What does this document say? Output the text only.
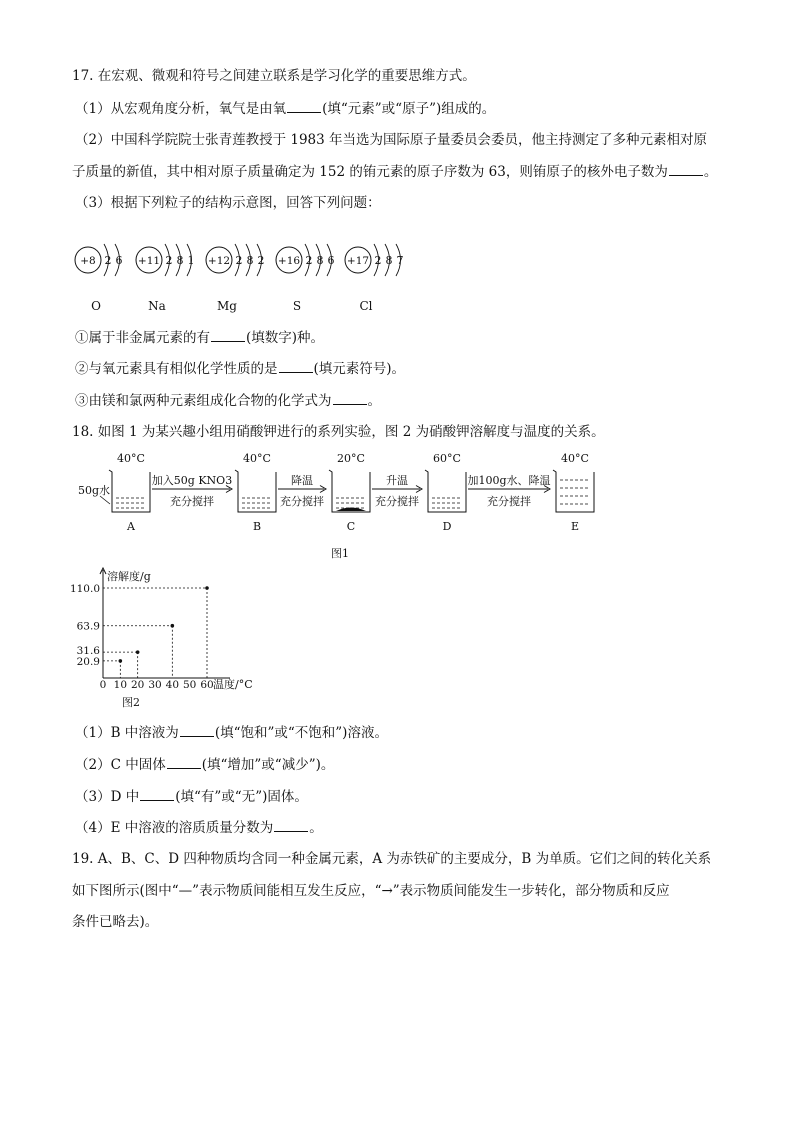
17. 在宏观、微观和符号之间建立联系是学习化学的重要思维方式。
（1）从宏观角度分析，氧气是由氧	(填“元素”或“原子”)组成的。
（2）中国科学院院士张青莲教授于 1983 年当选为国际原子量委员会委员，他主持测定了多种元素相对原
子质量的新值，其中相对原子质量确定为 152 的铕元素的原子序数为 63，则铕原子的核外电子数为	。
（3）根据下列粒子的结构示意图，回答下列问题：
+8 2 6
O
+11 2 8 1
Na
+12 2 8 2
Mg
+16 2 8 6
S
+17 2 8 7
Cl
①属于非金属元素的有	(填数字)种。
②与氧元素具有相似化学性质的是	(填元素符号)。
③由镁和氯两种元素组成化合物的化学式为	。
18. 如图 1 为某兴趣小组用硝酸钾进行的系列实验，图 2 为硝酸钾溶解度与温度的关系。
50g水
40°C
A
40°C
B
20°C
C
60°C
D
40°C
E
加入50g KNO3
充分搅拌
降温
充分搅拌
升温
充分搅拌
加100g水、降温
充分搅拌
图1
溶解度/g
温度/°C
0 10 20 30 40 50 60
20.9
31.6
63.9
110.0
图2
（1）B 中溶液为	(填“饱和”或“不饱和”)溶液。
（2）C 中固体	(填“增加”或“减少”)。
（3）D 中	(填“有”或“无”)固体。
（4）E 中溶液的溶质质量分数为	。
19. A、B、C、D 四种物质均含同一种金属元素，A 为赤铁矿的主要成分，B 为单质。它们之间的转化关系
如下图所示(图中“—”表示物质间能相互发生反应，“→”表示物质间能发生一步转化，部分物质和反应
条件已略去)。
